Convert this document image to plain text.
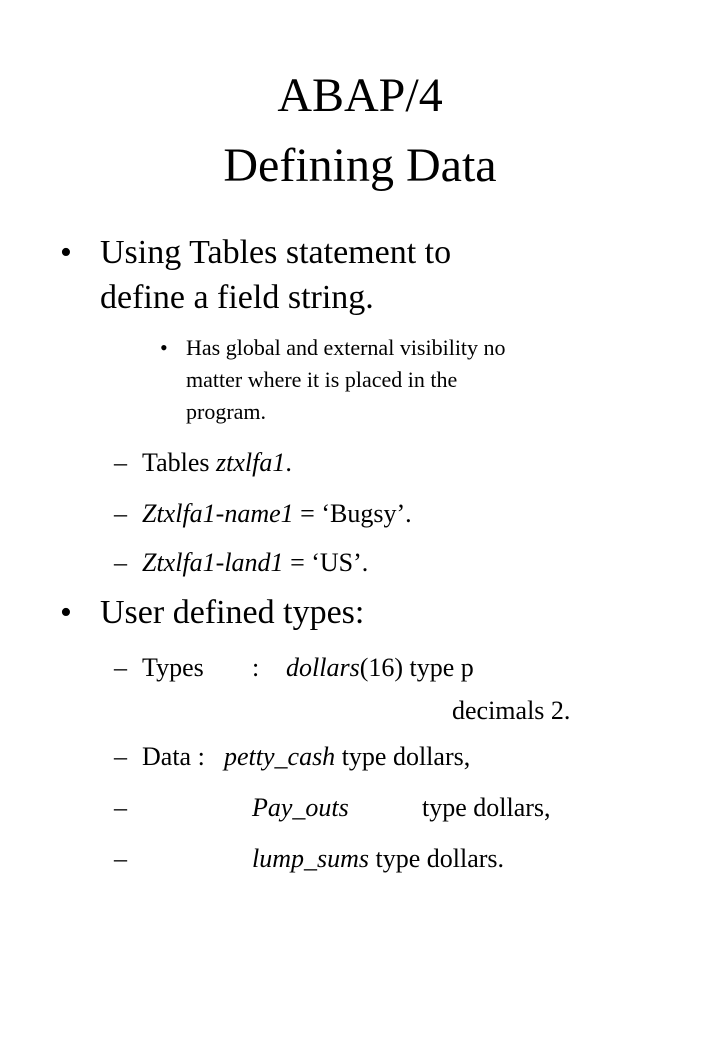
ABAP/4
Defining Data
• Using Tables statement to
define a field string.
• Has global and external visibility no
matter where it is placed in the
program.
– Tables ztxlfa1.
– Ztxlfa1-name1 = ‘Bugsy’.
– Ztxlfa1-land1 = ‘US’.
• User defined types:
– Types : dollars(16) type p
decimals 2.
– Data : petty_cash type dollars,
–	Pay_outs	type dollars,
–	lump_sums type dollars.
